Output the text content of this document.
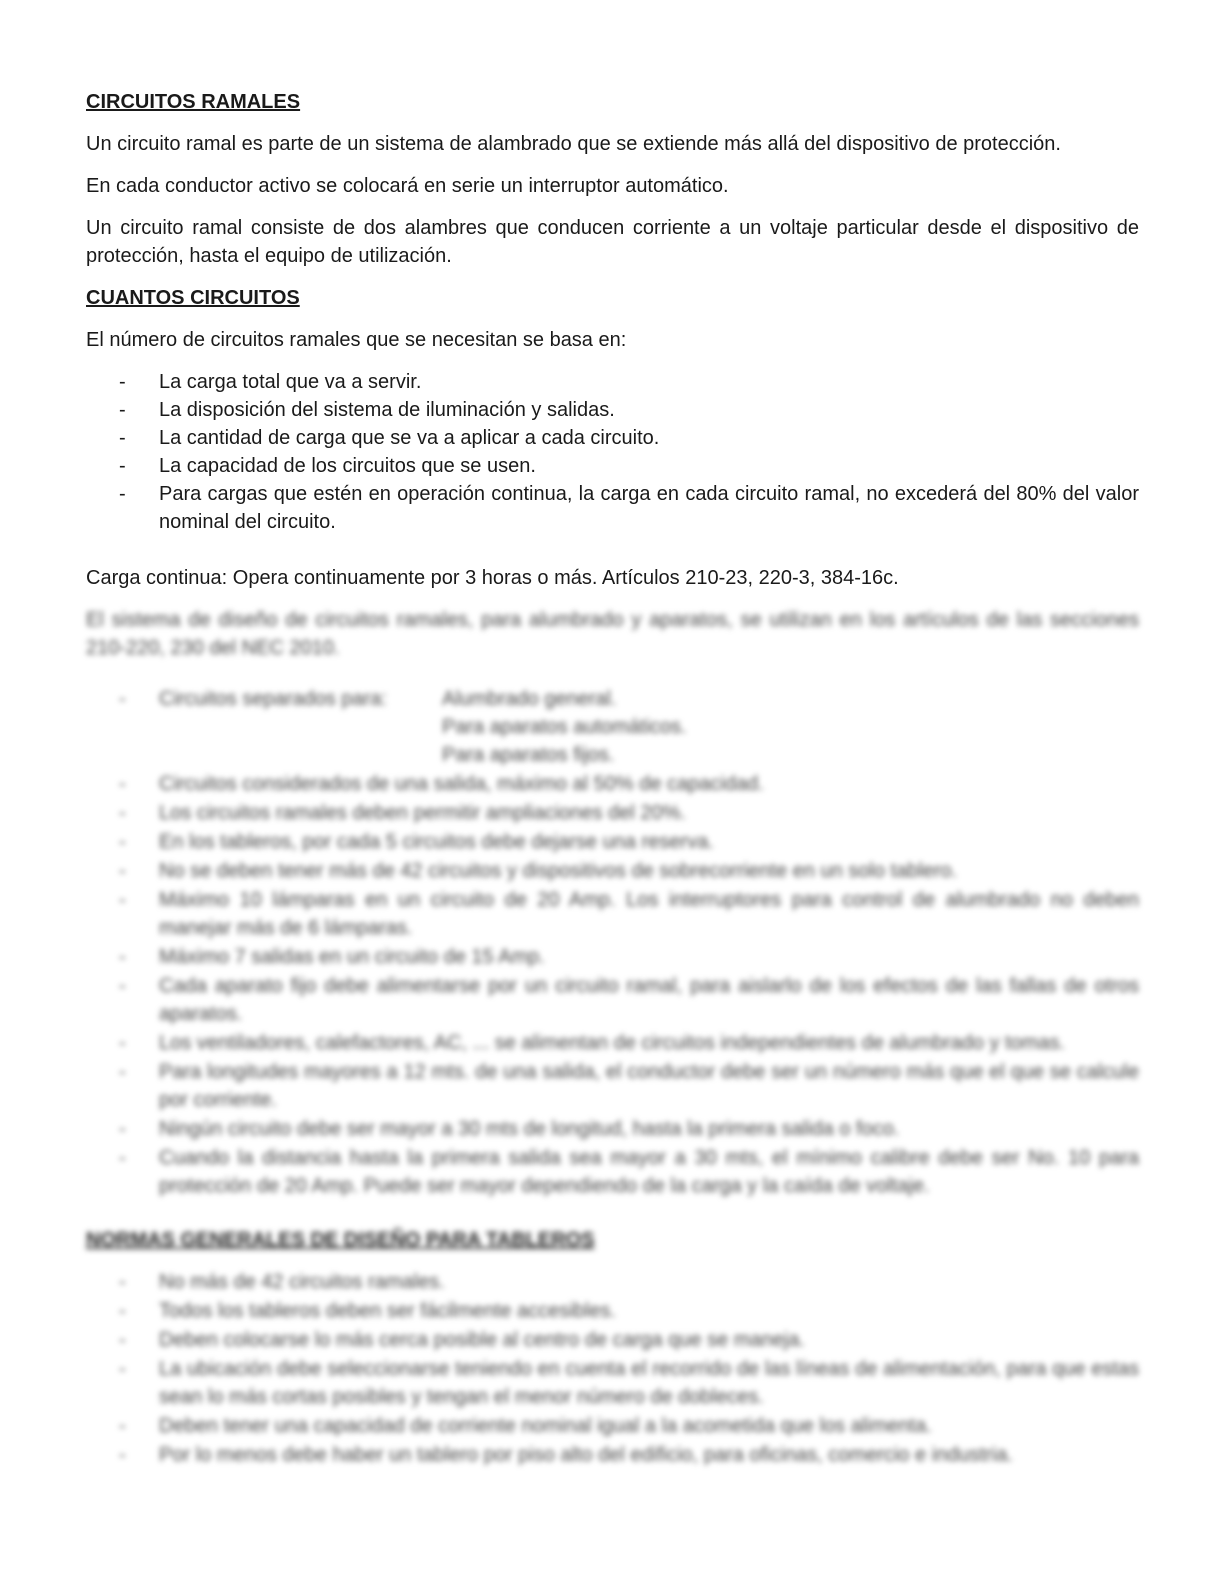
CIRCUITOS RAMALES

Un circuito ramal es parte de un sistema de alambrado que se extiende más allá del dispositivo de protección.

En cada conductor activo se colocará en serie un interruptor automático.

Un circuito ramal consiste de dos alambres que conducen corriente a un voltaje particular desde el dispositivo de protección, hasta el equipo de utilización.

CUANTOS CIRCUITOS

El número de circuitos ramales que se necesitan se basa en:

- La carga total que va a servir.
- La disposición del sistema de iluminación y salidas.
- La cantidad de carga que se va a aplicar a cada circuito.
- La capacidad de los circuitos que se usen.
- Para cargas que estén en operación continua, la carga en cada circuito ramal, no excederá del 80% del valor nominal del circuito.

Carga continua: Opera continuamente por 3 horas o más. Artículos 210-23, 220-3, 384-16c.

El sistema de diseño de circuitos ramales, para alumbrado y aparatos, se utilizan en los artículos de las secciones
210-220, 230 del NEC 2010.
- Circuitos separados para:	Alumbrado general.
Para aparatos automáticos.
Para aparatos fijos.
- Circuitos considerados de una salida, máximo al 50% de capacidad.
- Los circuitos ramales deben permitir ampliaciones del 20%.
- En los tableros, por cada 5 circuitos debe dejarse una reserva.
- No se deben tener más de 42 circuitos y dispositivos de sobrecorriente en un solo tablero.
- Máximo 10 lámparas en un circuito de 20 Amp. Los interruptores para control de alumbrado no deben
manejar más de 6 lámparas.
- Máximo 7 salidas en un circuito de 15 Amp.
- Cada aparato fijo debe alimentarse por un circuito ramal, para aislarlo de los efectos de las fallas de otros
aparatos.
- Los ventiladores, calefactores, AC, ... se alimentan de circuitos independientes de alumbrado y tomas.
- Para longitudes mayores a 12 mts. de una salida, el conductor debe ser un número más que el que se calcule
por corriente.
- Ningún circuito debe ser mayor a 30 mts de longitud, hasta la primera salida o foco.
- Cuando la distancia hasta la primera salida sea mayor a 30 mts, el mínimo calibre debe ser No. 10 para
protección de 20 Amp. Puede ser mayor dependiendo de la carga y la caída de voltaje.
NORMAS GENERALES DE DISEÑO PARA TABLEROS
- No más de 42 circuitos ramales.
- Todos los tableros deben ser fácilmente accesibles.
- Deben colocarse lo más cerca posible al centro de carga que se maneja.
- La ubicación debe seleccionarse teniendo en cuenta el recorrido de las líneas de alimentación, para que estas
sean lo más cortas posibles y tengan el menor número de dobleces.
- Deben tener una capacidad de corriente nominal igual a la acometida que los alimenta.
- Por lo menos debe haber un tablero por piso alto del edificio, para oficinas, comercio e industria.
